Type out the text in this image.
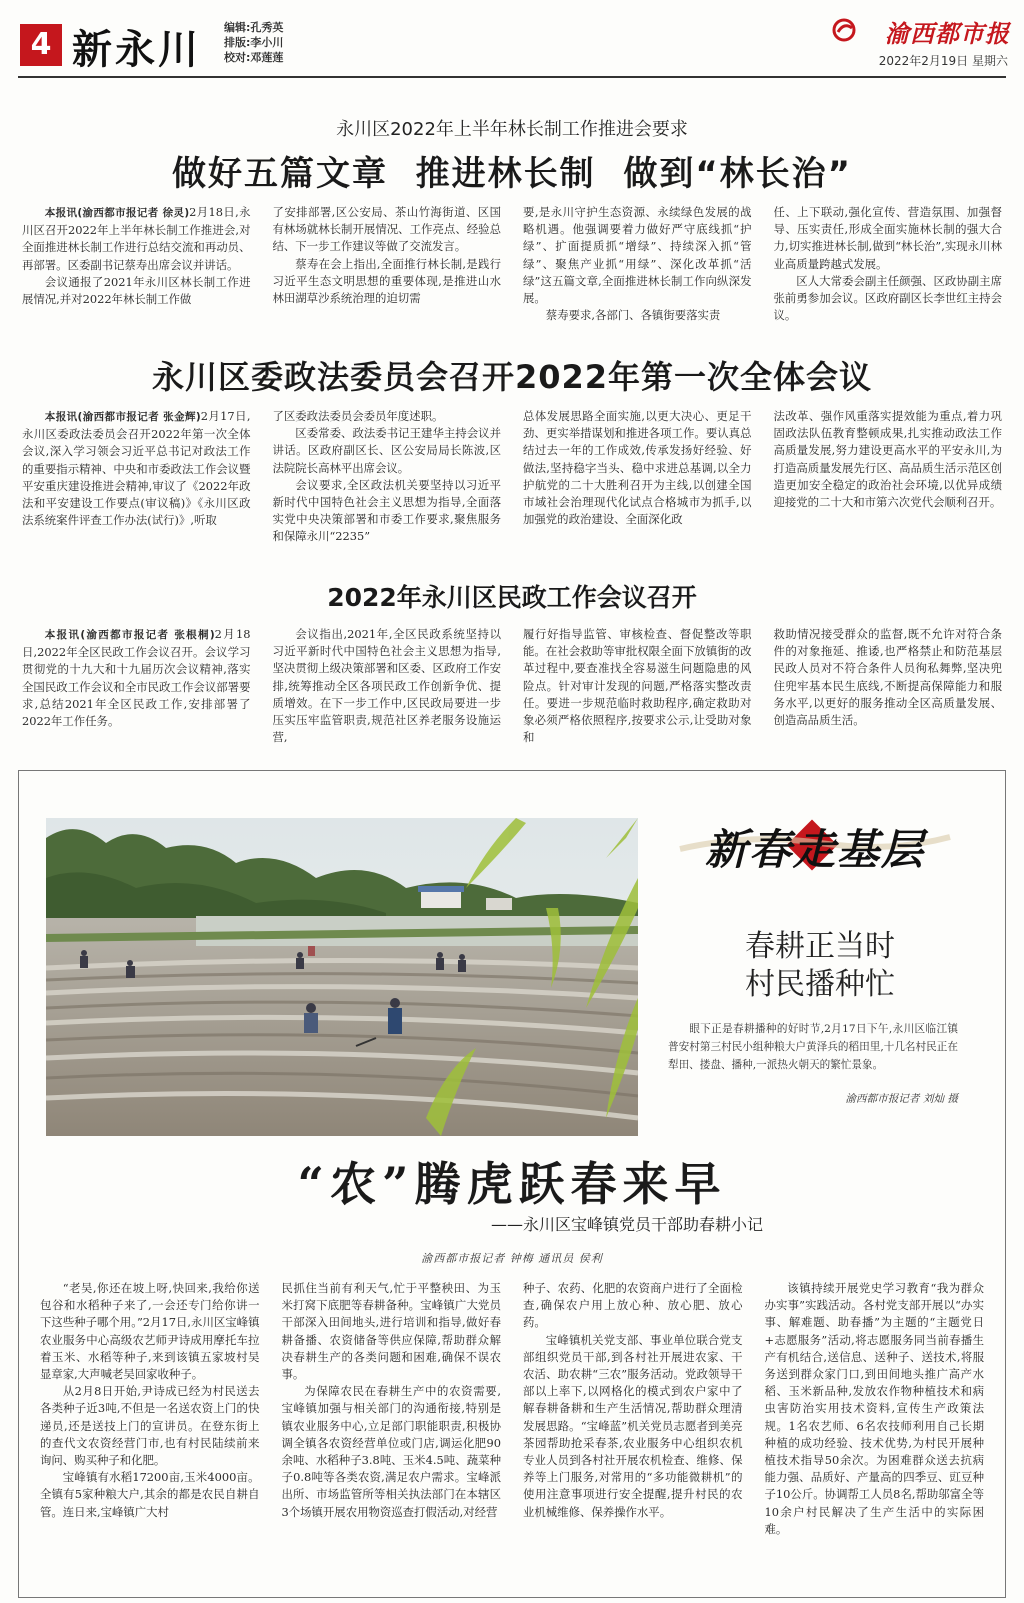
4 新永川 编辑:孔秀英
排版:李小川
校对:邓莲莲
渝西都市报
2022年2月19日 星期六
永川区2022年上半年林长制工作推进会要求
做好五篇文章  推进林长制  做到“林长治”

本报讯(渝西都市报记者 徐灵)2月18日,永川区召开2022年上半年林长制工作推进会,对全面推进林长制工作进行总结交流和再动员、再部署。区委副书记蔡寿出席会议并讲话。

会议通报了2021年永川区林长制工作进展情况,并对2022年林长制工作做

了安排部署,区公安局、茶山竹海街道、区国有林场就林长制开展情况、工作亮点、经验总结、下一步工作建议等做了交流发言。

蔡寿在会上指出,全面推行林长制,是践行习近平生态文明思想的重要体现,是推进山水林田湖草沙系统治理的迫切需

要,是永川守护生态资源、永续绿色发展的战略机遇。他强调要着力做好严守底线抓“护绿”、扩面提质抓“增绿”、持续深入抓“管绿”、聚焦产业抓“用绿”、深化改革抓“活绿”这五篇文章,全面推进林长制工作向纵深发展。

蔡寿要求,各部门、各镇街要落实责

任、上下联动,强化宣传、营造氛围、加强督导、压实责任,形成全面实施林长制的强大合力,切实推进林长制,做到“林长治”,实现永川林业高质量跨越式发展。

区人大常委会副主任颜强、区政协副主席张前勇参加会议。区政府副区长李世红主持会议。

永川区委政法委员会召开2022年第一次全体会议

本报讯(渝西都市报记者 张金辉)2月17日,永川区委政法委员会召开2022年第一次全体会议,深入学习领会习近平总书记对政法工作的重要指示精神、中央和市委政法工作会议暨平安重庆建设推进会精神,审议了《2022年政法和平安建设工作要点(审议稿)》《永川区政法系统案件评查工作办法(试行)》,听取

了区委政法委员会委员年度述职。

区委常委、政法委书记王建华主持会议并讲话。区政府副区长、区公安局局长陈波,区法院院长高林平出席会议。

会议要求,全区政法机关要坚持以习近平新时代中国特色社会主义思想为指导,全面落实党中央决策部署和市委工作要求,聚焦服务和保障永川“2235”

总体发展思路全面实施,以更大决心、更足干劲、更实举措谋划和推进各项工作。要认真总结过去一年的工作成效,传承发扬好经验、好做法,坚持稳字当头、稳中求进总基调,以全力护航党的二十大胜利召开为主线,以创建全国市域社会治理现代化试点合格城市为抓手,以加强党的政治建设、全面深化政

法改革、强作风重落实提效能为重点,着力巩固政法队伍教育整顿成果,扎实推动政法工作高质量发展,努力建设更高水平的平安永川,为打造高质量发展先行区、高品质生活示范区创造更加安全稳定的政治社会环境,以优异成绩迎接党的二十大和市第六次党代会顺利召开。

2022年永川区民政工作会议召开

本报讯(渝西都市报记者 张根桐)2月18日,2022年全区民政工作会议召开。会议学习贯彻党的十九大和十九届历次会议精神,落实全国民政工作会议和全市民政工作会议部署要求,总结2021年全区民政工作,安排部署了2022年工作任务。

会议指出,2021年,全区民政系统坚持以习近平新时代中国特色社会主义思想为指导,坚决贯彻上级决策部署和区委、区政府工作安排,统筹推动全区各项民政工作创新争优、提质增效。在下一步工作中,区民政局要进一步压实压牢监管职责,规范社区养老服务设施运营,

履行好指导监管、审核检查、督促整改等职能。在社会救助等审批权限全面下放镇街的改革过程中,要查准找全容易滋生问题隐患的风险点。针对审计发现的问题,严格落实整改责任。要进一步规范临时救助程序,确定救助对象必须严格依照程序,按要求公示,让受助对象和

救助情况接受群众的监督,既不允许对符合条件的对象拖延、推诿,也严格禁止和防范基层民政人员对不符合条件人员徇私舞弊,坚决兜住兜牢基本民生底线,不断提高保障能力和服务水平,以更好的服务推动全区高质量发展、创造高品质生活。

新春走基层
春耕正当时
村民播种忙
眼下正是春耕播种的好时节,2月17日下午,永川区临江镇普安村第三村民小组种粮大户黄泽兵的稻田里,十几名村民正在犁田、搂盘、播种,一派热火朝天的繁忙景象。
渝西都市报记者 刘灿 摄
“农”腾虎跃春来早
——永川区宝峰镇党员干部助春耕小记
渝西都市报记者 钟梅 通讯员 侯利

“老吴,你还在坡上呀,快回来,我给你送包谷和水稻种子来了,一会还专门给你讲一下这些种子哪个用。”2月17日,永川区宝峰镇农业服务中心高级农艺师尹诗成用摩托车拉着玉米、水稻等种子,来到该镇五家坡村吴显章家,大声喊老吴回家收种子。

从2月8日开始,尹诗成已经为村民送去各类种子近3吨,不但是一名送农资上门的快递员,还是送技上门的宣讲员。在登东街上的查代文农资经营门市,也有村民陆续前来询问、购买种子和化肥。

宝峰镇有水稻17200亩,玉米4000亩。全镇有5家种粮大户,其余的都是农民自耕自管。连日来,宝峰镇广大村

民抓住当前有利天气,忙于平整秧田、为玉米打窝下底肥等春耕备种。宝峰镇广大党员干部深入田间地头,进行培训和指导,做好春耕备播、农资储备等供应保障,帮助群众解决春耕生产的各类问题和困难,确保不误农事。

为保障农民在春耕生产中的农资需要,宝峰镇加强与相关部门的沟通衔接,特别是镇农业服务中心,立足部门职能职责,积极协调全镇各农资经营单位或门店,调运化肥90余吨、水稻种子3.8吨、玉米4.5吨、蔬菜种子0.8吨等各类农资,满足农户需求。宝峰派出所、市场监管所等相关执法部门在本辖区3个场镇开展农用物资巡查打假活动,对经营

种子、农药、化肥的农资商户进行了全面检查,确保农户用上放心种、放心肥、放心药。

宝峰镇机关党支部、事业单位联合党支部组织党员干部,到各村社开展进农家、干农活、助农耕“三农”服务活动。党政领导干部以上率下,以网格化的模式到农户家中了解春耕备耕和生产生活情况,帮助群众理清发展思路。“宝峰蓝”机关党员志愿者到美亮茶园帮助抢采春茶,农业服务中心组织农机专业人员到各村社开展农机检查、维修、保养等上门服务,对常用的“多功能微耕机”的使用注意事项进行安全提醒,提升村民的农业机械维修、保养操作水平。

该镇持续开展党史学习教育“我为群众办实事”实践活动。各村党支部开展以“办实事、解难题、助春播”为主题的“主题党日+志愿服务”活动,将志愿服务同当前春播生产有机结合,送信息、送种子、送技术,将服务送到群众家门口,到田间地头推广高产水稻、玉米新品种,发放农作物种植技术和病虫害防治实用技术资料,宣传生产政策法规。1名农艺师、6名农技师利用自己长期种植的成功经验、技术优势,为村民开展种植技术指导50余次。为困难群众送去抗病能力强、品质好、产量高的四季豆、豇豆种子10公斤。协调帮工人员8名,帮助邬富全等10余户村民解决了生产生活中的实际困难。
